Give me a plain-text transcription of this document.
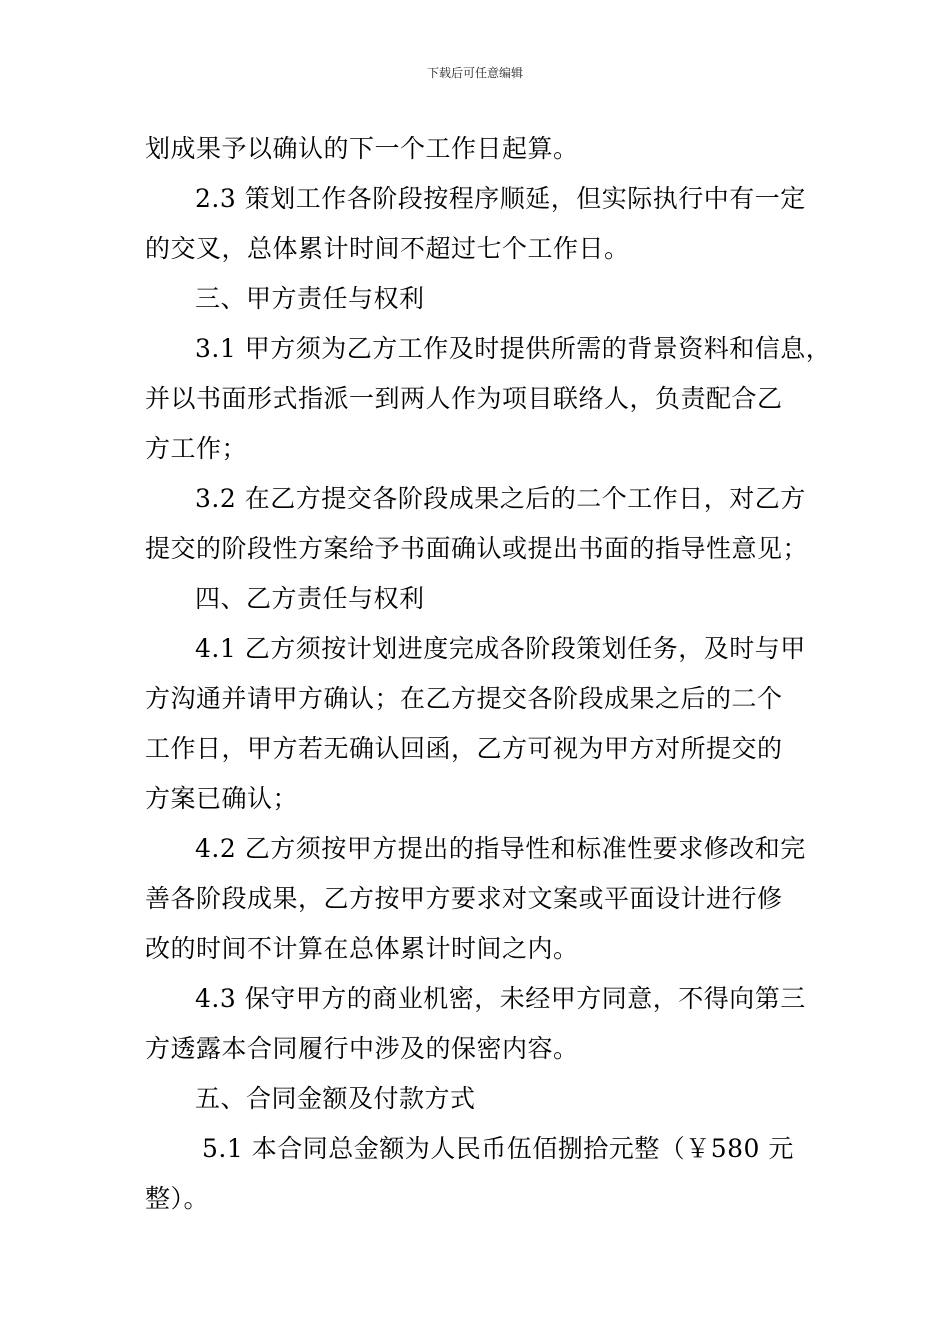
下载后可任意编辑
划成果予以确认的下一个工作日起算。
2.3 策划工作各阶段按程序顺延，但实际执行中有一定
的交叉，总体累计时间不超过七个工作日。
三、甲方责任与权利
3.1 甲方须为乙方工作及时提供所需的背景资料和信息，
并以书面形式指派一到两人作为项目联络人，负责配合乙
方工作；
3.2 在乙方提交各阶段成果之后的二个工作日，对乙方
提交的阶段性方案给予书面确认或提出书面的指导性意见；
四、乙方责任与权利
4.1 乙方须按计划进度完成各阶段策划任务，及时与甲
方沟通并请甲方确认；在乙方提交各阶段成果之后的二个
工作日，甲方若无确认回函，乙方可视为甲方对所提交的
方案已确认；
4.2 乙方须按甲方提出的指导性和标准性要求修改和完
善各阶段成果，乙方按甲方要求对文案或平面设计进行修
改的时间不计算在总体累计时间之内。
4.3 保守甲方的商业机密，未经甲方同意，不得向第三
方透露本合同履行中涉及的保密内容。
五、合同金额及付款方式
5.1 本合同总金额为人民币伍佰捌拾元整（￥580 元
整）。
